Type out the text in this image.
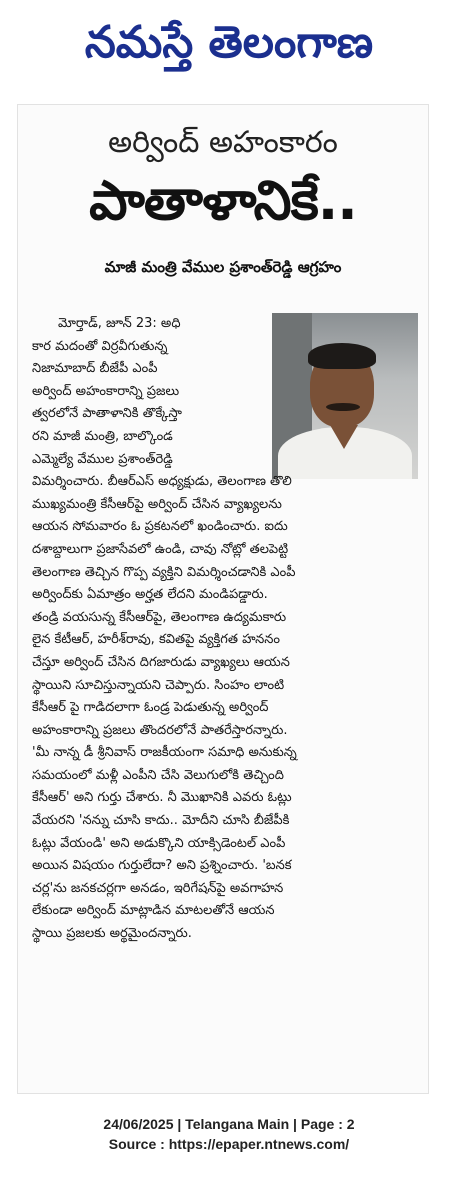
నమస్తే తెలంగాణ
అర్వింద్ అహంకారం
పాతాళానికే..
మాజీ మంత్రి వేముల ప్రశాంత్‌రెడ్డి ఆగ్రహం
మోర్తాడ్, జూన్ 23: అధి
కార మదంతో విర్రవీగుతున్న
నిజామాబాద్ బీజేపీ ఎంపీ
అర్వింద్ అహంకారాన్ని ప్రజలు
త్వరలోనే పాతాళానికి తొక్కేస్తా
రని మాజీ మంత్రి, బాల్కొండ
ఎమ్మెల్యే వేముల ప్రశాంత్‌రెడ్డి
విమర్శించారు. బీఆర్‌ఎస్ అధ్యక్షుడు, తెలంగాణ తొలి
ముఖ్యమంత్రి కేసీఆర్‌పై అర్వింద్ చేసిన వ్యాఖ్యలను
ఆయన సోమవారం ఓ ప్రకటనలో ఖండించారు. ఐదు
దశాబ్దాలుగా ప్రజాసేవలో ఉండి, చావు నోట్లో తలపెట్టి
తెలంగాణ తెచ్చిన గొప్ప వ్యక్తిని విమర్శించడానికి ఎంపీ
అర్వింద్‌కు ఏమాత్రం అర్హత లేదని మండిపడ్డారు.
తండ్రి వయసున్న కేసీఆర్‌పై, తెలంగాణ ఉద్యమకారు
లైన కేటీఆర్, హరీశ్‌రావు, కవితపై వ్యక్తిగత హననం
చేస్తూ అర్వింద్ చేసిన దిగజారుడు వ్యాఖ్యలు ఆయన
స్థాయిని సూచిస్తున్నాయని చెప్పారు. సింహం లాంటి
కేసీఆర్ పై గాడిదలాగా ఓండ్ర పెడుతున్న అర్వింద్
అహంకారాన్ని ప్రజలు తొందరలోనే పాతరేస్తారన్నారు.
'మీ నాన్న డీ శ్రీనివాస్ రాజకీయంగా సమాధి అనుకున్న
సమయంలో మళ్లీ ఎంపీని చేసి వెలుగులోకి తెచ్చింది
కేసీఆర్' అని గుర్తు చేశారు. నీ మొఖానికి ఎవరు ఓట్లు
వేయరని 'నన్ను చూసి కాదు.. మోదీని చూసి బీజేపీకి
ఓట్లు వేయండి' అని అడుక్కొని యాక్సిడెంటల్ ఎంపీ
అయిన విషయం గుర్తులేదా? అని ప్రశ్నించారు. 'బనక
చర్ల'ను జనకచర్లగా అనడం, ఇరిగేషన్‌పై అవగాహన
లేకుండా అర్వింద్ మాట్లాడిన మాటలతోనే ఆయన
స్థాయి ప్రజలకు అర్థమైందన్నారు.
24/06/2025 | Telangana Main | Page : 2
Source : https://epaper.ntnews.com/
